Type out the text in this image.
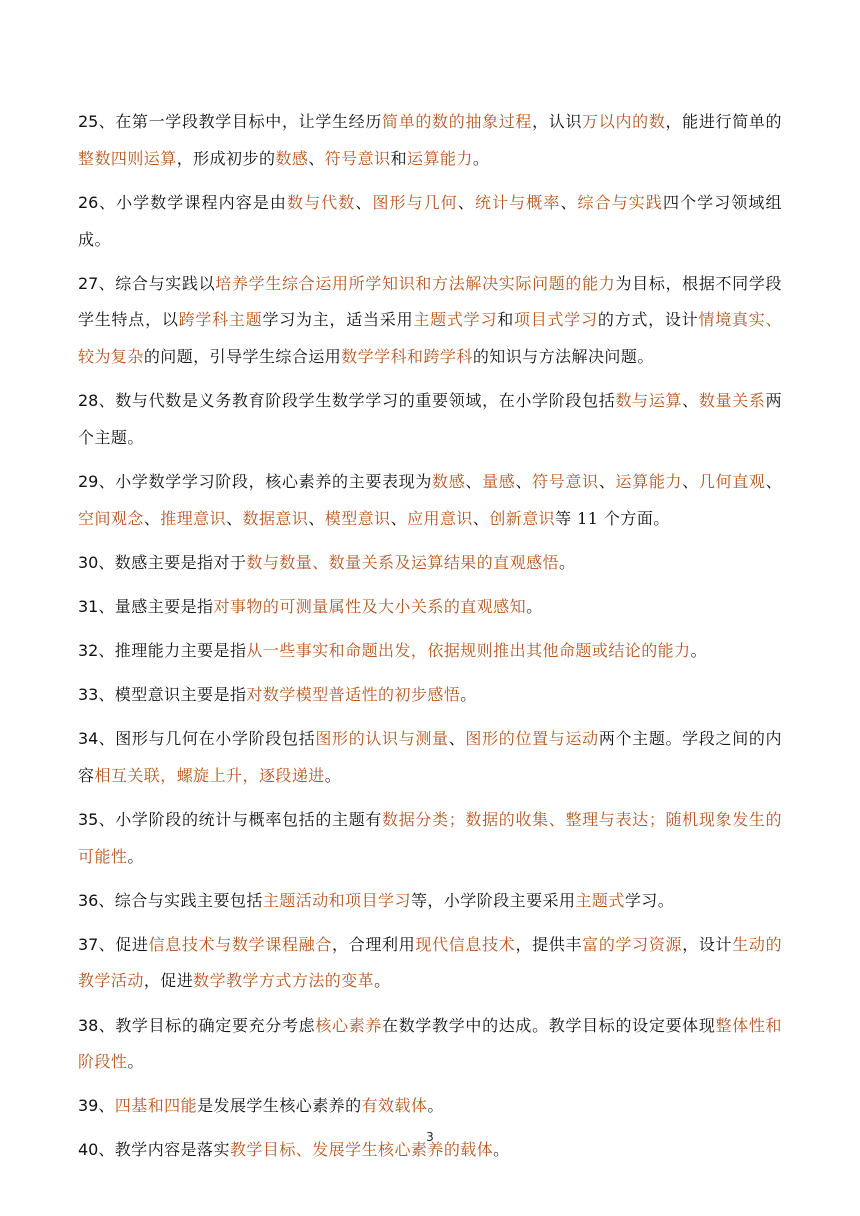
25、在第一学段教学目标中，让学生经历简单的数的抽象过程，认识万以内的数，能进行简单的整数四则运算，形成初步的数感、符号意识和运算能力。

26、小学数学课程内容是由数与代数、图形与几何、统计与概率、综合与实践四个学习领域组成。

27、综合与实践以培养学生综合运用所学知识和方法解决实际问题的能力为目标，根据不同学段学生特点，以跨学科主题学习为主，适当采用主题式学习和项目式学习的方式，设计情境真实、较为复杂的问题，引导学生综合运用数学学科和跨学科的知识与方法解决问题。

28、数与代数是义务教育阶段学生数学学习的重要领域，在小学阶段包括数与运算、数量关系两个主题。

29、小学数学学习阶段，核心素养的主要表现为数感、量感、符号意识、运算能力、几何直观、空间观念、推理意识、数据意识、模型意识、应用意识、创新意识等 11 个方面。

30、数感主要是指对于数与数量、数量关系及运算结果的直观感悟。

31、量感主要是指对事物的可测量属性及大小关系的直观感知。

32、推理能力主要是指从一些事实和命题出发，依据规则推出其他命题或结论的能力。

33、模型意识主要是指对数学模型普适性的初步感悟。

34、图形与几何在小学阶段包括图形的认识与测量、图形的位置与运动两个主题。学段之间的内容相互关联，螺旋上升，逐段递进。

35、小学阶段的统计与概率包括的主题有数据分类；数据的收集、整理与表达；随机现象发生的可能性。

36、综合与实践主要包括主题活动和项目学习等，小学阶段主要采用主题式学习。

37、促进信息技术与数学课程融合，合理利用现代信息技术，提供丰富的学习资源，设计生动的教学活动，促进数学教学方式方法的变革。

38、教学目标的确定要充分考虑核心素养在数学教学中的达成。教学目标的设定要体现整体性和阶段性。

39、四基和四能是发展学生核心素养的有效载体。

40、教学内容是落实教学目标、发展学生核心素养的载体。

3
